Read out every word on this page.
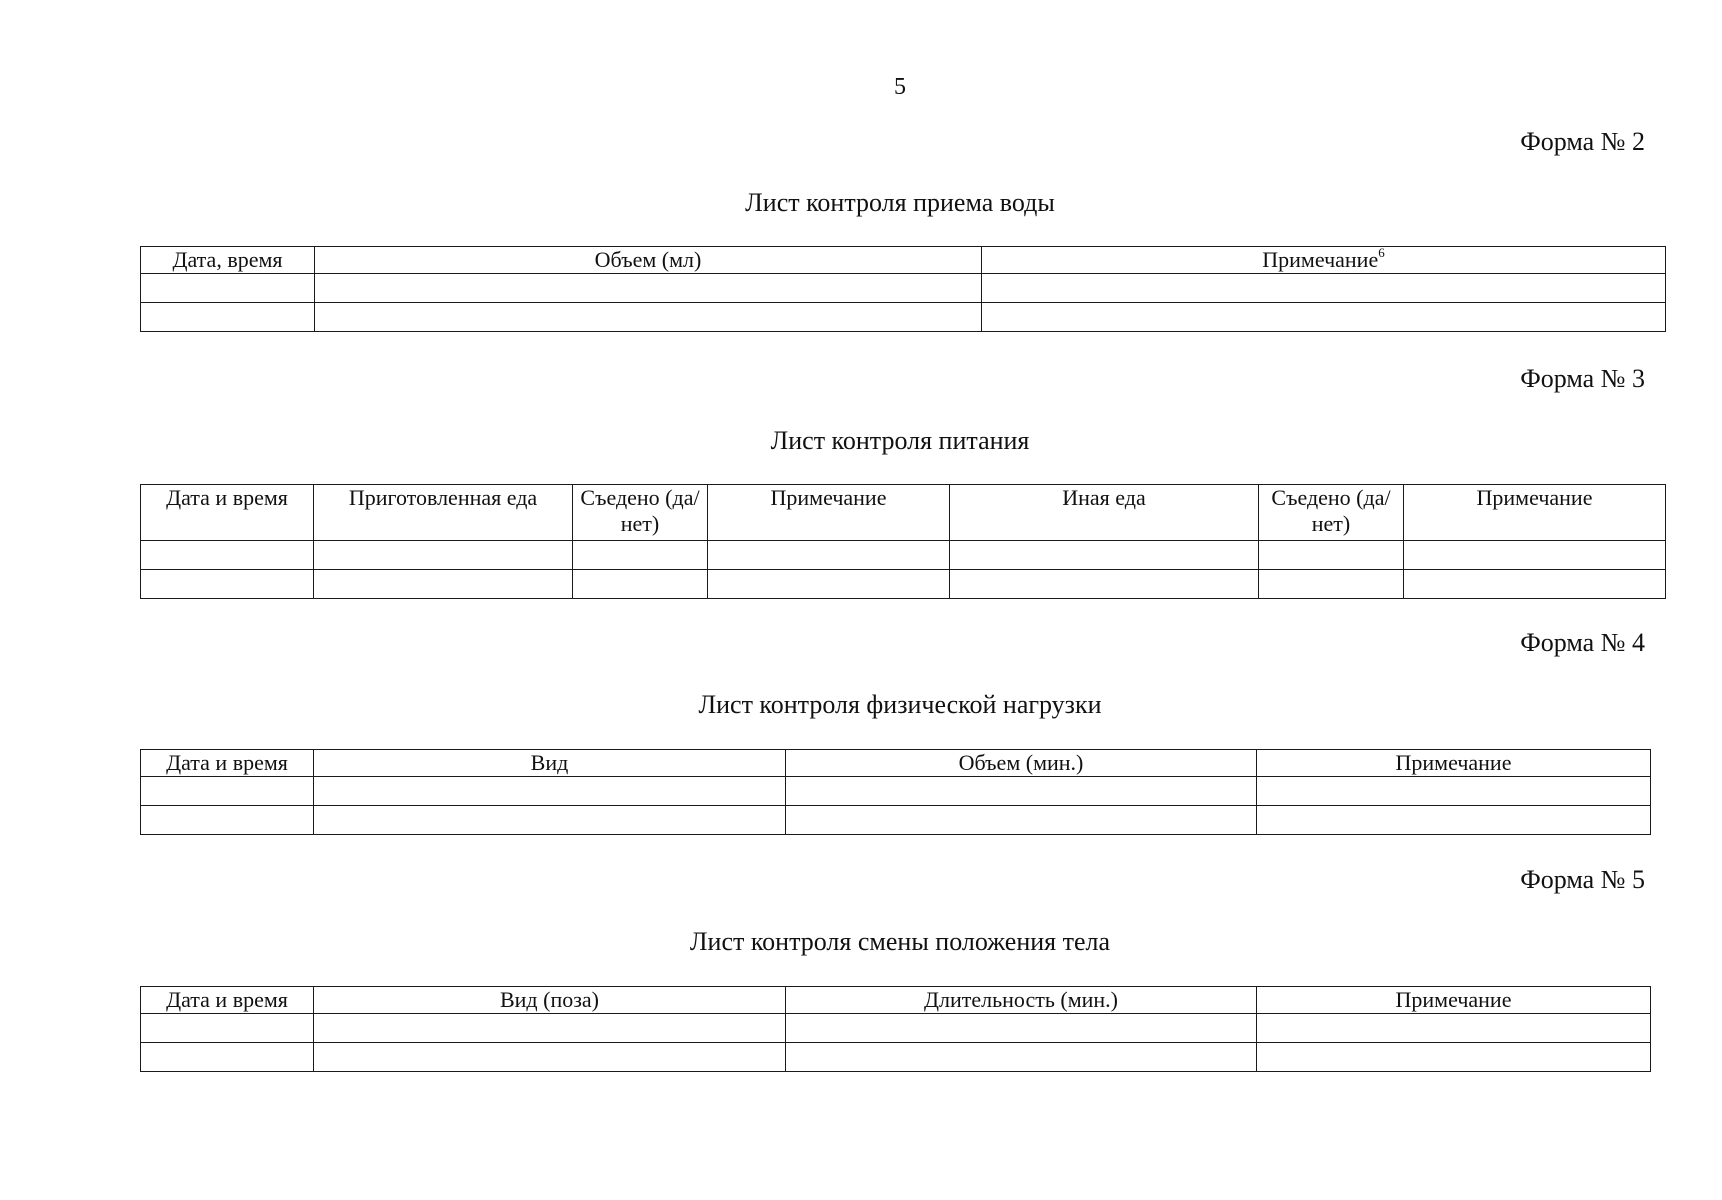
5
Форма № 2
Лист контроля приема воды
Дата, время	Объем (мл)	Примечание$^6$

Форма № 3
Лист контроля питания
Дата и время	Приготовленная еда	Съедено (да/нет)	Примечание	Иная еда	Съедено (да/нет)	Примечание

Форма № 4
Лист контроля физической нагрузки
Дата и время	Вид	Объем (мин.)	Примечание

Форма № 5
Лист контроля смены положения тела
Дата и время	Вид (поза)	Длительность (мин.)	Примечание
